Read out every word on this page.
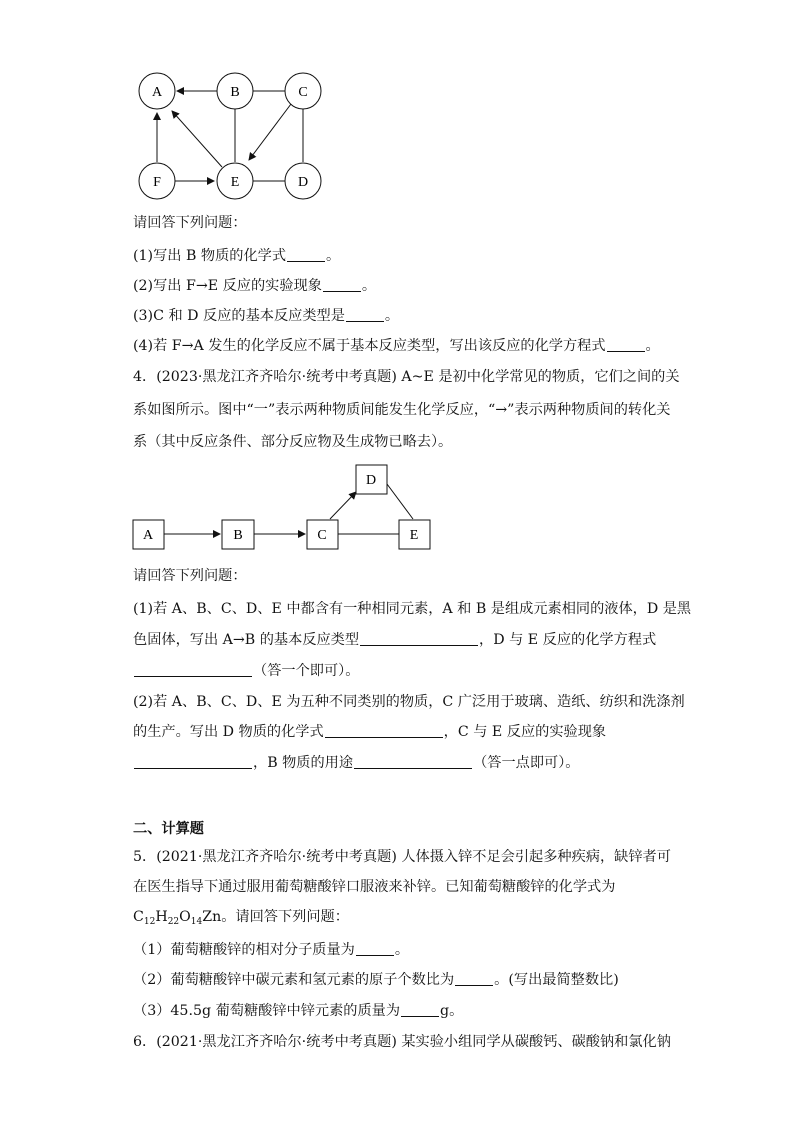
A	B	C
F	E	D
请回答下列问题：
(1)写出 B 物质的化学式	。
(2)写出 F→E 反应的实验现象	。
(3)C 和 D 反应的基本反应类型是	。
(4)若 F→A 发生的化学反应不属于基本反应类型，写出该反应的化学方程式	。
4．(2023·黑龙江齐齐哈尔·统考中考真题) A~E 是初中化学常见的物质，它们之间的关
系如图所示。图中“一”表示两种物质间能发生化学反应，“→”表示两种物质间的转化关
系（其中反应条件、部分反应物及生成物已略去）。
D
A	B	C	E
请回答下列问题：
(1)若 A、B、C、D、E 中都含有一种相同元素，A 和 B 是组成元素相同的液体，D 是黑
色固体，写出 A→B 的基本反应类型	，D 与 E 反应的化学方程式
（答一个即可）。
(2)若 A、B、C、D、E 为五种不同类别的物质，C 广泛用于玻璃、造纸、纺织和洗涤剂
的生产。写出 D 物质的化学式	，C 与 E 反应的实验现象
，B 物质的用途	（答一点即可）。
二、计算题
5．(2021·黑龙江齐齐哈尔·统考中考真题) 人体摄入锌不足会引起多种疾病，缺锌者可
在医生指导下通过服用葡萄糖酸锌口服液来补锌。已知葡萄糖酸锌的化学式为
$C_{12}H_{22}O_{14}Zn$。请回答下列问题：
（1）葡萄糖酸锌的相对分子质量为	。
（2）葡萄糖酸锌中碳元素和氢元素的原子个数比为	。(写出最简整数比)
（3）45.5g 葡萄糖酸锌中锌元素的质量为	g。
6．(2021·黑龙江齐齐哈尔·统考中考真题) 某实验小组同学从碳酸钙、碳酸钠和氯化钠
